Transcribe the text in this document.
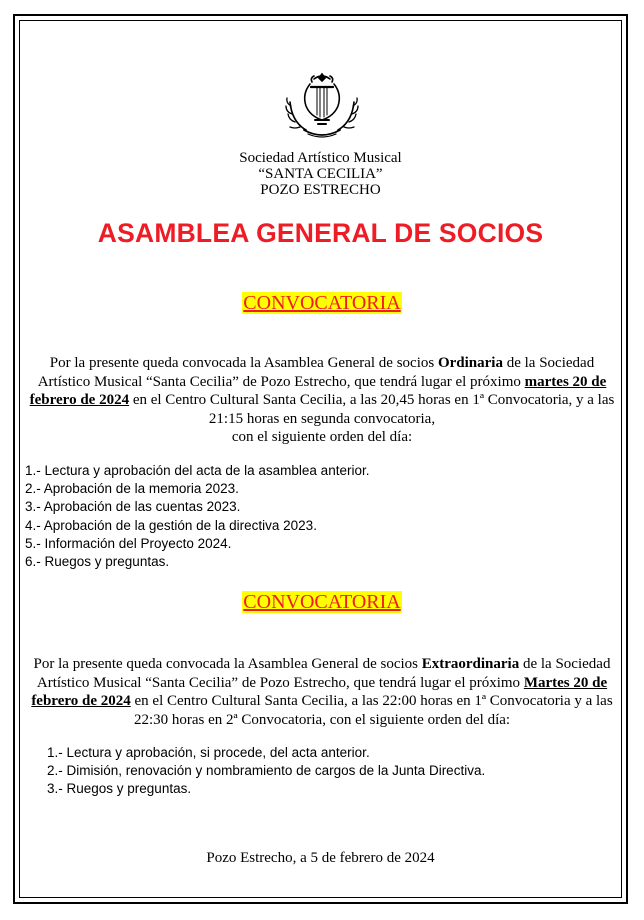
Sociedad Artístico Musical
“SANTA CECILIA”
POZO ESTRECHO
ASAMBLEA GENERAL DE SOCIOS
CONVOCATORIA
Por la presente queda convocada la Asamblea General de socios Ordinaria de la Sociedad Artístico Musical “Santa Cecilia” de Pozo Estrecho, que tendrá lugar el próximo martes 20 de febrero de 2024 en el Centro Cultural Santa Cecilia, a las 20,45 horas en 1ª Convocatoria, y a las 21:15 horas en segunda convocatoria,
con el siguiente orden del día:
1.- Lectura y aprobación del acta de la asamblea anterior.
2.- Aprobación de la memoria 2023.
3.- Aprobación de las cuentas 2023.
4.- Aprobación de la gestión de la directiva 2023.
5.- Información del Proyecto 2024.
6.- Ruegos y preguntas.
CONVOCATORIA
Por la presente queda convocada la Asamblea General de socios Extraordinaria de la Sociedad Artístico Musical “Santa Cecilia” de Pozo Estrecho, que tendrá lugar el próximo Martes 20 de febrero de 2024 en el Centro Cultural Santa Cecilia, a las 22:00 horas en 1ª Convocatoria y a las 22:30 horas en 2ª Convocatoria, con el siguiente orden del día:
1.- Lectura y aprobación, si procede, del acta anterior.
2.- Dimisión, renovación y nombramiento de cargos de la Junta Directiva.
3.- Ruegos y preguntas.
Pozo Estrecho, a 5 de febrero de 2024
